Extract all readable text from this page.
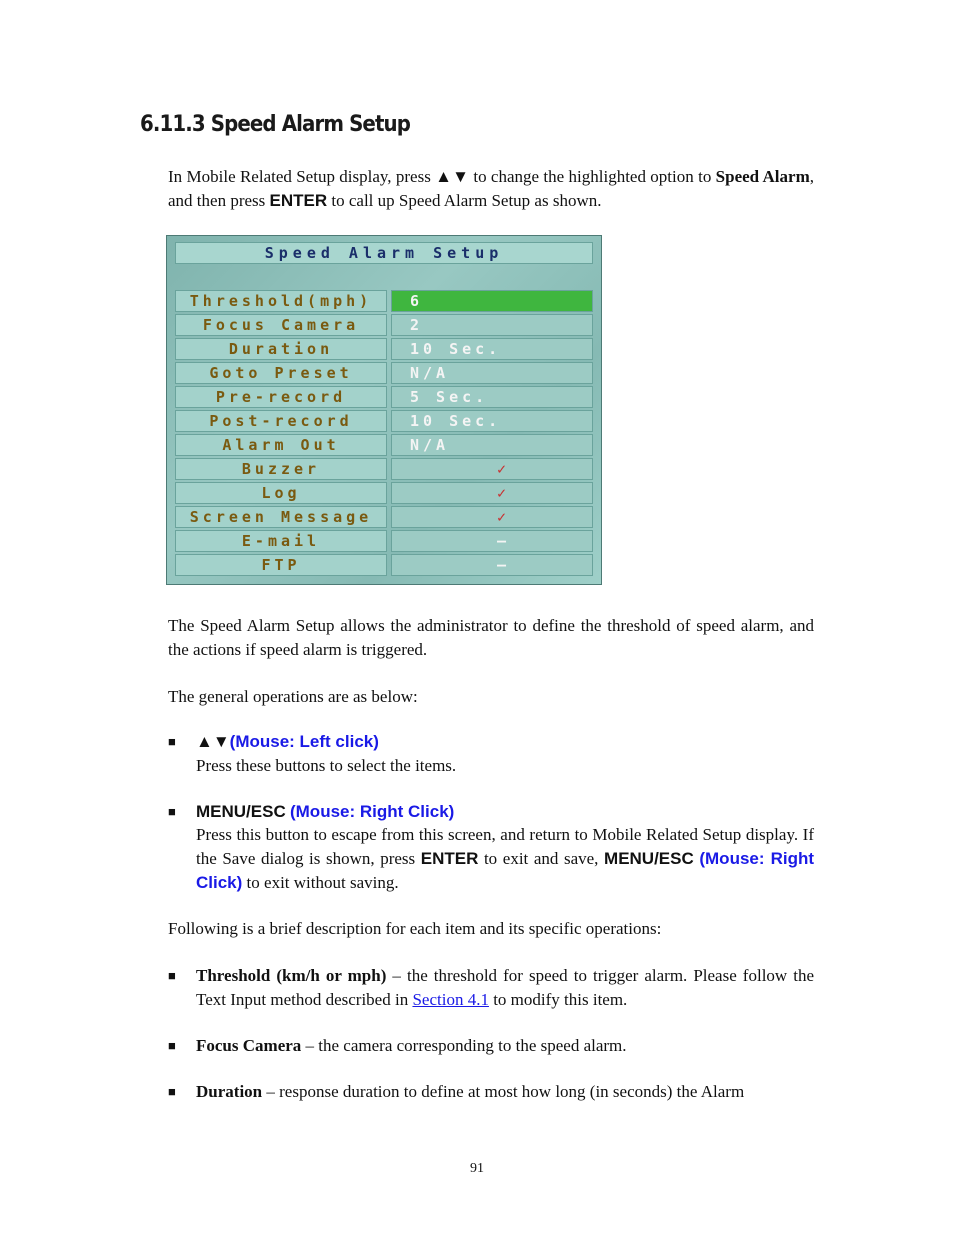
6.11.3 Speed Alarm Setup

In Mobile Related Setup display, press ▲▼ to change the highlighted option to Speed Alarm, and then press ENTER to call up Speed Alarm Setup as shown.

Speed Alarm Setup
Threshold(mph)	6
Focus Camera	2
Duration	10 Sec.
Goto Preset	N/A
Pre-record	5 Sec.
Post-record	10 Sec.
Alarm Out	N/A
Buzzer	✓
Log	✓
Screen Message	✓
E-mail	–
FTP	–

The Speed Alarm Setup allows the administrator to define the threshold of speed alarm, and the actions if speed alarm is triggered.

The general operations are as below:

■ ▲▼(Mouse: Left click)

Press these buttons to select the items.

■ MENU/ESC (Mouse: Right Click)

Press this button to escape from this screen, and return to Mobile Related Setup display. If the Save dialog is shown, press ENTER to exit and save, MENU/ESC (Mouse: Right Click) to exit without saving.

Following is a brief description for each item and its specific operations:

■ Threshold (km/h or mph) – the threshold for speed to trigger alarm. Please follow the Text Input method described in Section 4.1 to modify this item.

■ Focus Camera – the camera corresponding to the speed alarm.

■ Duration – response duration to define at most how long (in seconds) the Alarm

91
